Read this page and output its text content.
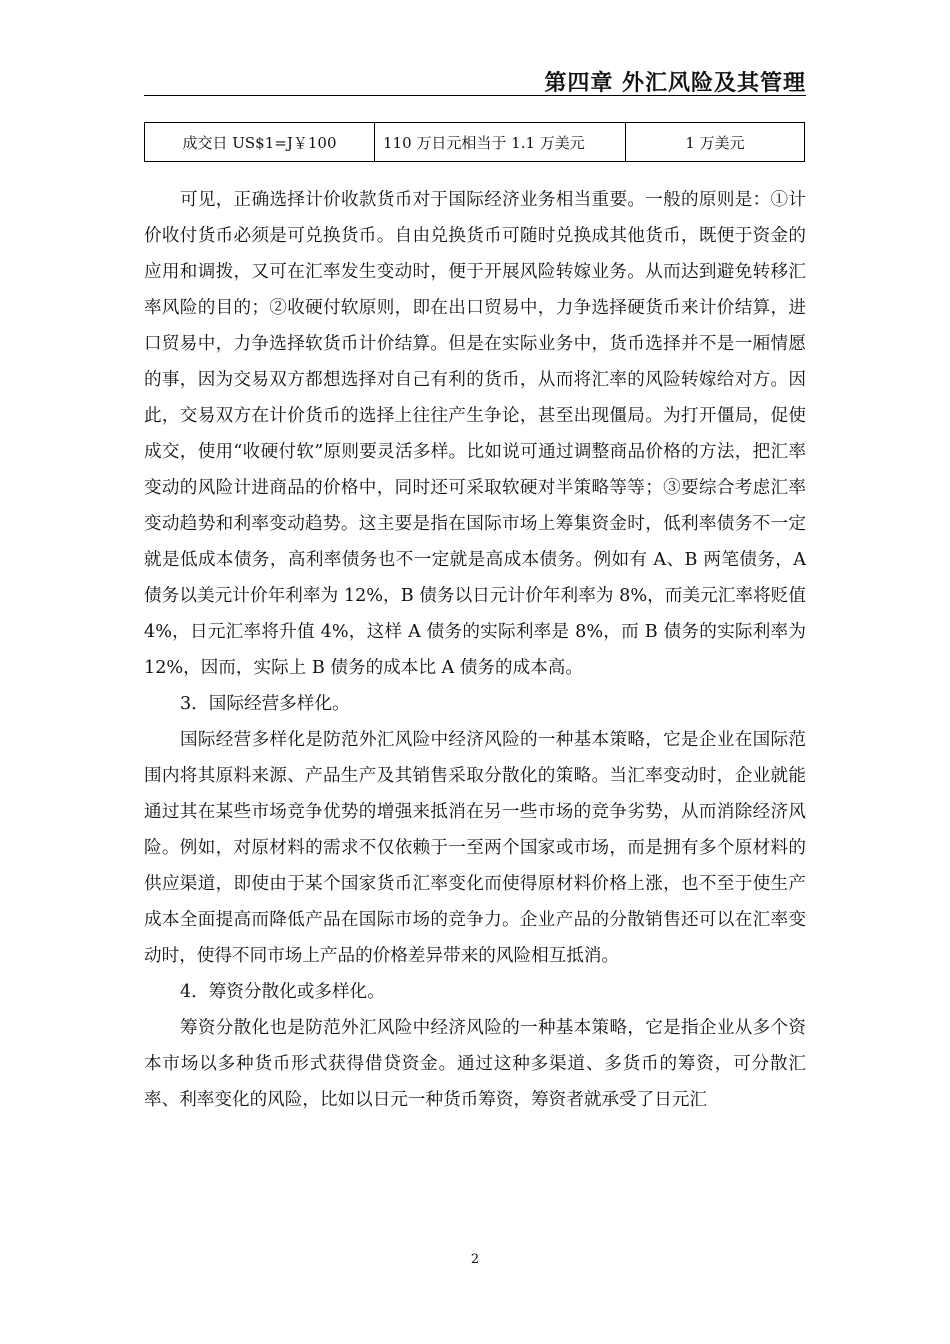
第四章 外汇风险及其管理
成交日 US$1=J￥100	110 万日元相当于 1.1 万美元	1 万美元

可见，正确选择计价收款货币对于国际经济业务相当重要。一般的原则是：①计价收付货币必须是可兑换货币。自由兑换货币可随时兑换成其他货币，既便于资金的应用和调拨，又可在汇率发生变动时，便于开展风险转嫁业务。从而达到避免转移汇率风险的目的；②收硬付软原则，即在出口贸易中，力争选择硬货币来计价结算，进口贸易中，力争选择软货币计价结算。但是在实际业务中，货币选择并不是一厢情愿的事，因为交易双方都想选择对自己有利的货币，从而将汇率的风险转嫁给对方。因此，交易双方在计价货币的选择上往往产生争论，甚至出现僵局。为打开僵局，促使成交，使用“收硬付软”原则要灵活多样。比如说可通过调整商品价格的方法，把汇率变动的风险计进商品的价格中，同时还可采取软硬对半策略等等；③要综合考虑汇率变动趋势和利率变动趋势。这主要是指在国际市场上筹集资金时，低利率债务不一定就是低成本债务，高利率债务也不一定就是高成本债务。例如有 A、B 两笔债务，A 债务以美元计价年利率为 12%，B 债务以日元计价年利率为 8%，而美元汇率将贬值 4%，日元汇率将升值 4%，这样 A 债务的实际利率是 8%，而 B 债务的实际利率为 12%，因而，实际上 B 债务的成本比 A 债务的成本高。

3．国际经营多样化。

国际经营多样化是防范外汇风险中经济风险的一种基本策略，它是企业在国际范围内将其原料来源、产品生产及其销售采取分散化的策略。当汇率变动时，企业就能通过其在某些市场竞争优势的增强来抵消在另一些市场的竞争劣势，从而消除经济风险。例如，对原材料的需求不仅依赖于一至两个国家或市场，而是拥有多个原材料的供应渠道，即使由于某个国家货币汇率变化而使得原材料价格上涨，也不至于使生产成本全面提高而降低产品在国际市场的竞争力。企业产品的分散销售还可以在汇率变动时，使得不同市场上产品的价格差异带来的风险相互抵消。

4．筹资分散化或多样化。

筹资分散化也是防范外汇风险中经济风险的一种基本策略，它是指企业从多个资本市场以多种货币形式获得借贷资金。通过这种多渠道、多货币的筹资，可分散汇率、利率变化的风险，比如以日元一种货币筹资，筹资者就承受了日元汇

2
